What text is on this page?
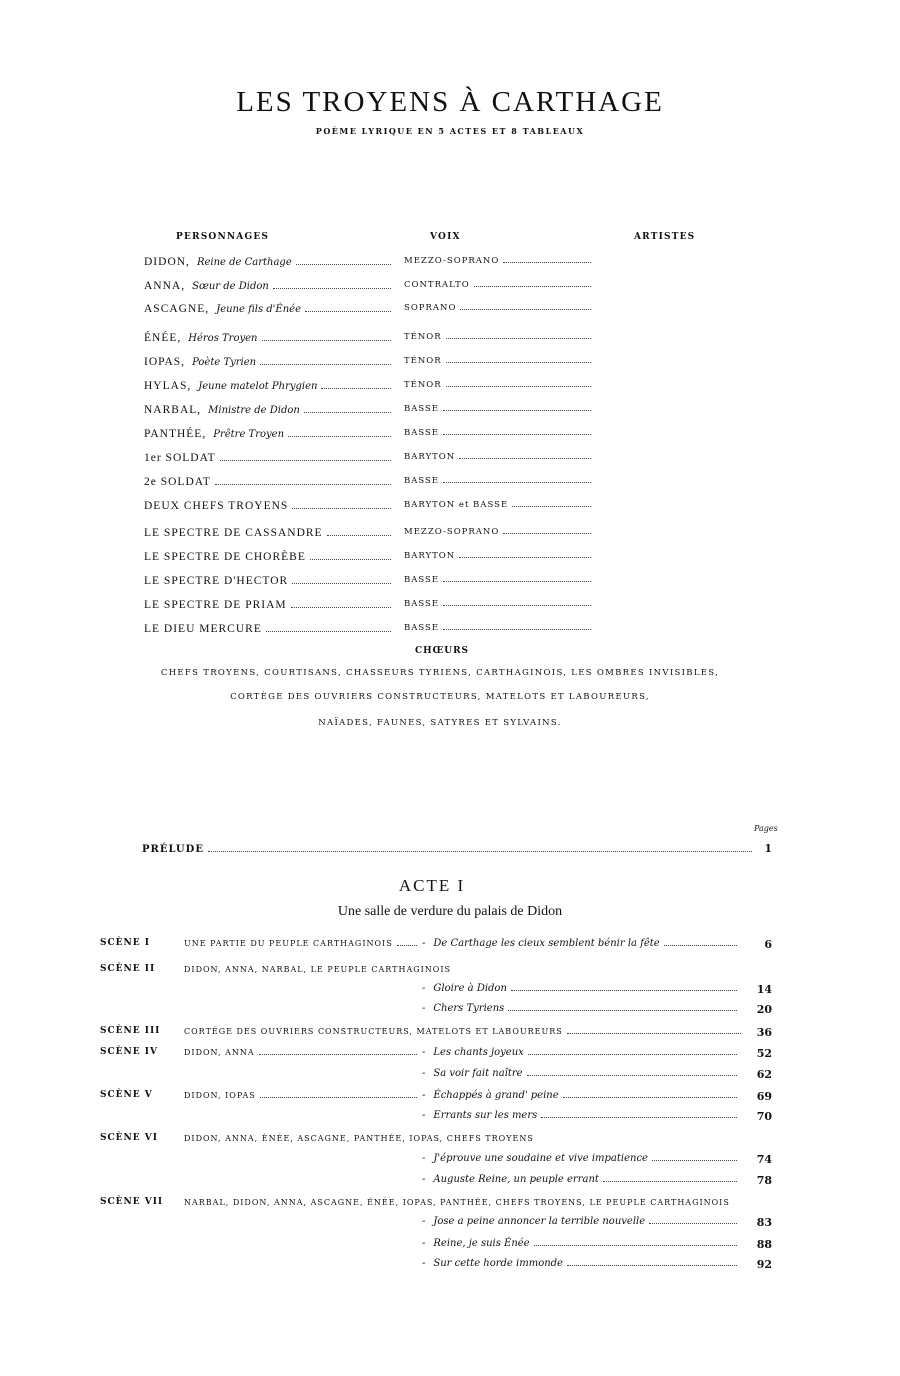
LES TROYENS À CARTHAGE
POÈME LYRIQUE EN 5 ACTES ET 8 TABLEAUX
PERSONNAGES	VOIX	ARTISTES
DIDON, Reine de Carthage	MEZZO-SOPRANO
ANNA, Sœur de Didon	CONTRALTO
ASCAGNE, Jeune fils d'Énée	SOPRANO
ÉNÉE, Héros Troyen	TÉNOR
IOPAS, Poète Tyrien	TÉNOR
HYLAS, Jeune matelot Phrygien	TÉNOR
NARBAL, Ministre de Didon	BASSE
PANTHÉE, Prêtre Troyen	BASSE
1er SOLDAT	BARYTON
2e SOLDAT	BASSE
DEUX CHEFS TROYENS	BARYTON et BASSE
LE SPECTRE DE CASSANDRE	MEZZO-SOPRANO
LE SPECTRE DE CHORÈBE	BARYTON
LE SPECTRE D'HECTOR	BASSE
LE SPECTRE DE PRIAM	BASSE
LE DIEU MERCURE	BASSE
CHŒURS
CHEFS TROYENS, COURTISANS, CHASSEURS TYRIENS, CARTHAGINOIS, LES OMBRES INVISIBLES,
CORTÈGE DES OUVRIERS CONSTRUCTEURS, MATELOTS ET LABOUREURS,
NAÏADES, FAUNES, SATYRES ET SYLVAINS.
Pages
PRÉLUDE	1
ACTE I
Une salle de verdure du palais de Didon
SCÈNE I	UNE PARTIE DU PEUPLE CARTHAGINOIS	- De Carthage les cieux semblent bénir la fête	6
SCÈNE II	DIDON, ANNA, NARBAL, LE PEUPLE CARTHAGINOIS
- Gloire à Didon	14
- Chers Tyriens	20
SCÈNE III	CORTÈGE DES OUVRIERS CONSTRUCTEURS, MATELOTS ET LABOUREURS	36
SCÈNE IV	DIDON, ANNA	- Les chants joyeux	52
- Sa voir fait naître	62
SCÈNE V	DIDON, IOPAS	- Échappés à grand' peine	69
- Errants sur les mers	70
SCÈNE VI	DIDON, ANNA, ÉNÉE, ASCAGNE, PANTHÉE, IOPAS, CHEFS TROYENS
- J'éprouve une soudaine et vive impatience	74
- Auguste Reine, un peuple errant	78
SCÈNE VII	NARBAL, DIDON, ANNA, ASCAGNE, ÉNÉE, IOPAS, PANTHÉE, CHEFS TROYENS, LE PEUPLE CARTHAGINOIS
- Jose a peine annoncer la terrible nouvelle	83
- Reine, je suis Énée	88
- Sur cette horde immonde	92
